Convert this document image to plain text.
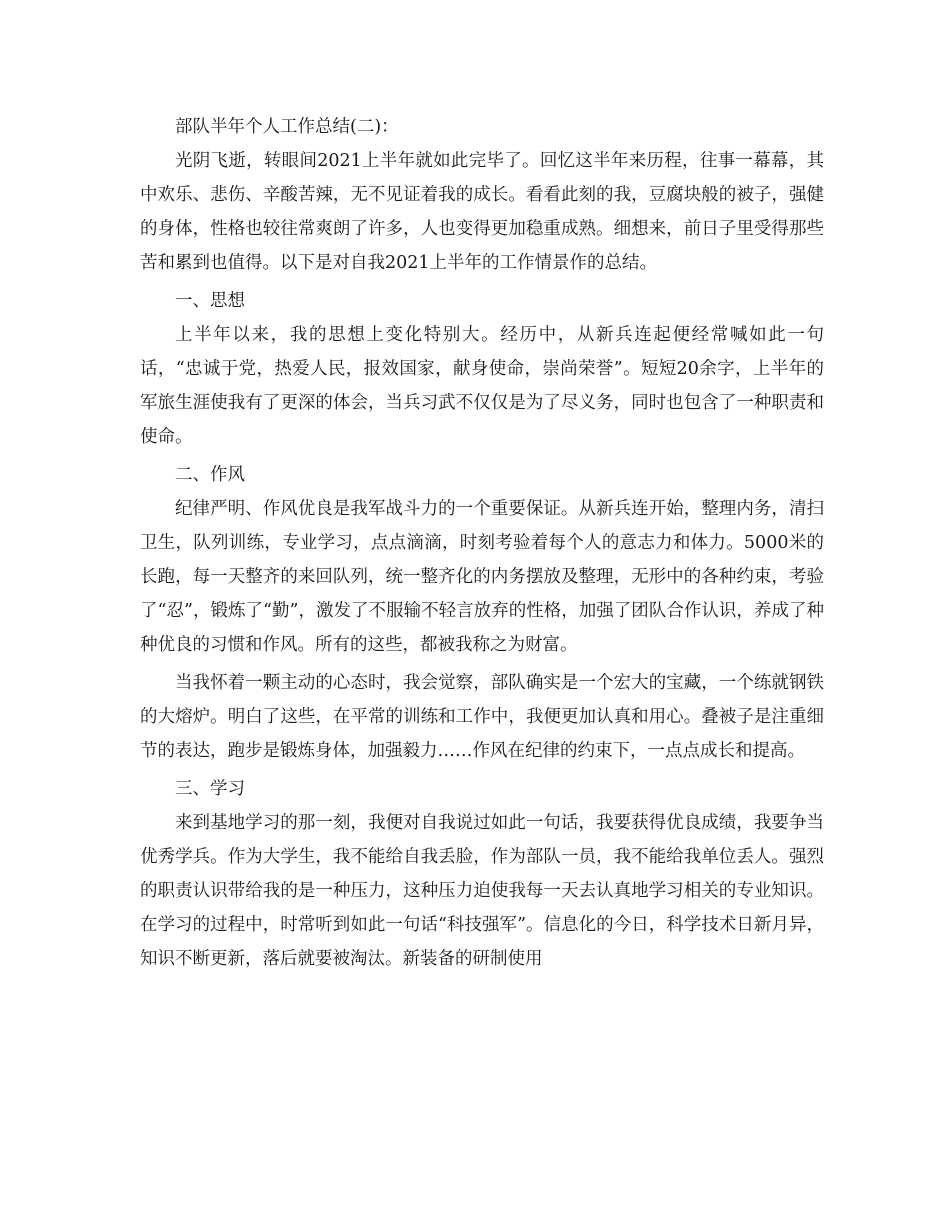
部队半年个人工作总结(二)：

光阴飞逝，转眼间2021上半年就如此完毕了。回忆这半年来历程，往事一幕幕，其中欢乐、悲伤、辛酸苦辣，无不见证着我的成长。看看此刻的我，豆腐块般的被子，强健的身体，性格也较往常爽朗了许多，人也变得更加稳重成熟。细想来，前日子里受得那些苦和累到也值得。以下是对自我2021上半年的工作情景作的总结。

一、思想

上半年以来，我的思想上变化特别大。经历中，从新兵连起便经常喊如此一句话，“忠诚于党，热爱人民，报效国家，献身使命，崇尚荣誉”。短短20余字，上半年的军旅生涯使我有了更深的体会，当兵习武不仅仅是为了尽义务，同时也包含了一种职责和使命。

二、作风

纪律严明、作风优良是我军战斗力的一个重要保证。从新兵连开始，整理内务，清扫卫生，队列训练，专业学习，点点滴滴，时刻考验着每个人的意志力和体力。5000米的长跑，每一天整齐的来回队列，统一整齐化的内务摆放及整理，无形中的各种约束，考验了“忍”，锻炼了“勤”，激发了不服输不轻言放弃的性格，加强了团队合作认识，养成了种种优良的习惯和作风。所有的这些，都被我称之为财富。

当我怀着一颗主动的心态时，我会觉察，部队确实是一个宏大的宝藏，一个练就钢铁的大熔炉。明白了这些，在平常的训练和工作中，我便更加认真和用心。叠被子是注重细节的表达，跑步是锻炼身体，加强毅力……作风在纪律的约束下，一点点成长和提高。

三、学习

来到基地学习的那一刻，我便对自我说过如此一句话，我要获得优良成绩，我要争当优秀学兵。作为大学生，我不能给自我丢脸，作为部队一员，我不能给我单位丢人。强烈的职责认识带给我的是一种压力，这种压力迫使我每一天去认真地学习相关的专业知识。在学习的过程中，时常听到如此一句话“科技强军”。信息化的今日，科学技术日新月异，知识不断更新，落后就要被淘汰。新装备的研制使用
